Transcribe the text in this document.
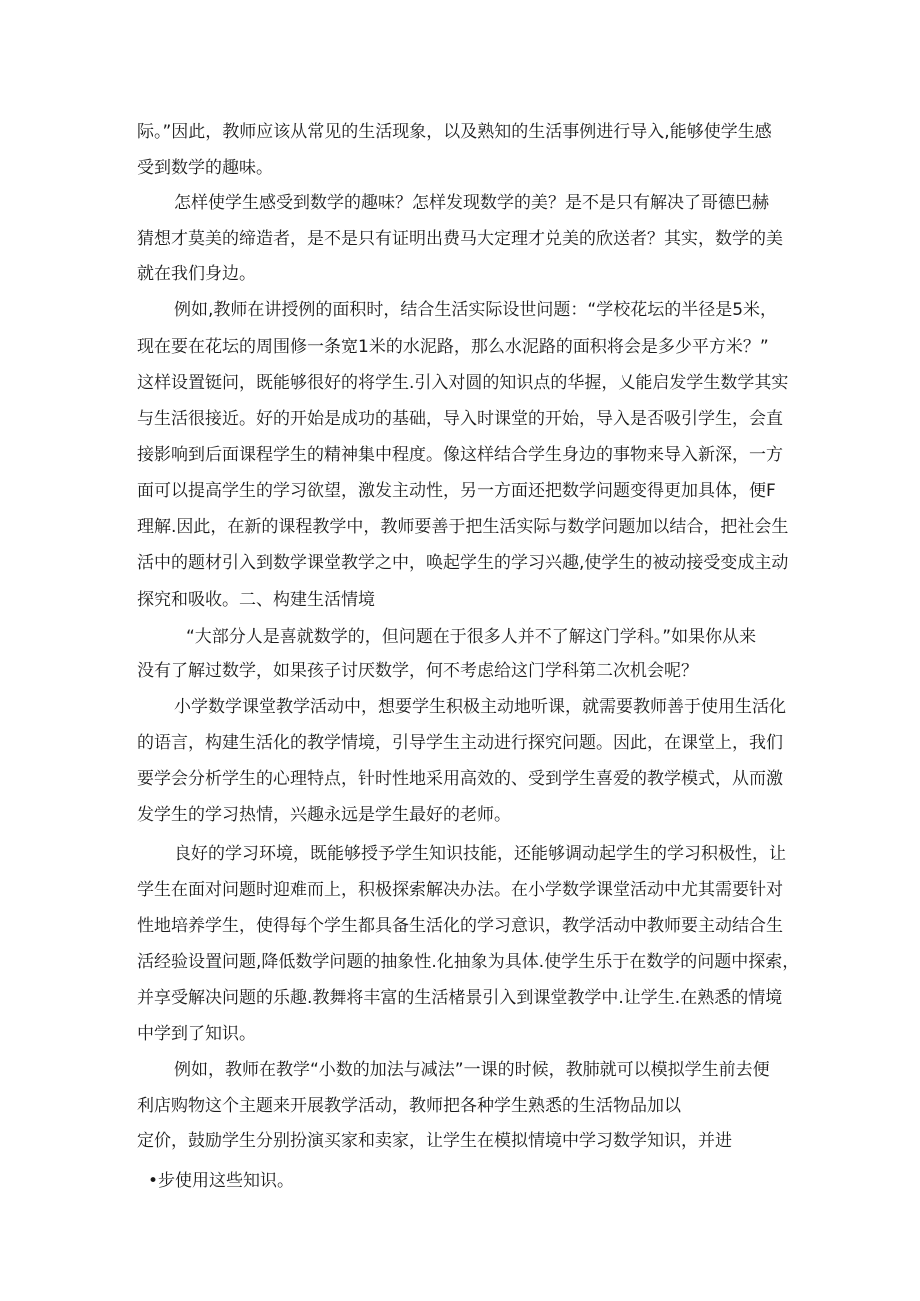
际。”因此，教师应该从常见的生活现象，以及熟知的生活事例进行导入,能够使学生感
受到数学的趣味。
怎样使学生感受到数学的趣味？怎样发现数学的美？是不是只有解决了哥德巴赫
猜想才莫美的缔造者，是不是只有证明出费马大定理才兑美的欣送者？其实，数学的美
就在我们身边。
例如,教师在讲授例的面积时，结合生活实际设世问题：“学校花坛的半径是5米，
现在要在花坛的周围修一条宽1米的水泥路，那么水泥路的面积将会是多少平方米？”
这样设置铤问，既能够很好的将学生.引入对圆的知识点的华握，乂能启发学生数学其实
与生活很接近。好的开始是成功的基础，导入时课堂的开始，导入是否吸引学生，会直
接影响到后面课程学生的精神集中程度。像这样结合学生身边的事物来导入新深，一方
面可以提高学生的学习欲望，激发主动性，另一方面还把数学问题变得更加具体，便F
理解.因此，在新的课程教学中，教师要善于把生活实际与数学问题加以结合，把社会生
活中的题材引入到数学课堂教学之中，唤起学生的学习兴趣,使学生的被动接受变成主动
探究和吸收。二、构建生活情境
“大部分人是喜就数学的，但问题在于很多人并不了解这门学科。”如果你从来
没有了解过数学，如果孩子讨厌数学，何不考虑给这门学科第二次机会呢？
小学数学课堂教学活动中，想要学生积极主动地听课，就需要教师善于使用生活化
的语言，构建生活化的教学情境，引导学生主动进行探究问题。因此，在课堂上，我们
要学会分析学生的心理特点，针时性地采用高效的、受到学生喜爱的教学模式，从而激
发学生的学习热情，兴趣永远是学生最好的老师。
良好的学习环境，既能够授予学生知识技能，还能够调动起学生的学习积极性，让
学生在面对问题时迎难而上，积极探索解决办法。在小学数学课堂活动中尤其需要针对
性地培养学生，使得每个学生都具备生活化的学习意识，教学活动中教师要主动结合生
活经验设置问题,降低数学问题的抽象性.化抽象为具体.使学生乐于在数学的问题中探索，
并享受解决问题的乐趣.教舞将丰富的生活楮景引入到课堂教学中.让学生.在熟悉的情境
中学到了知识。
例如，教师在教学“小数的加法与减法”一课的时候，教肺就可以模拟学生前去便
利店购物这个主题来开展教学活动，教师把各种学生熟悉的生活物品加以
定价，鼓励学生分别扮演买家和卖家，让学生在模拟情境中学习数学知识，并进
•步使用这些知识。
